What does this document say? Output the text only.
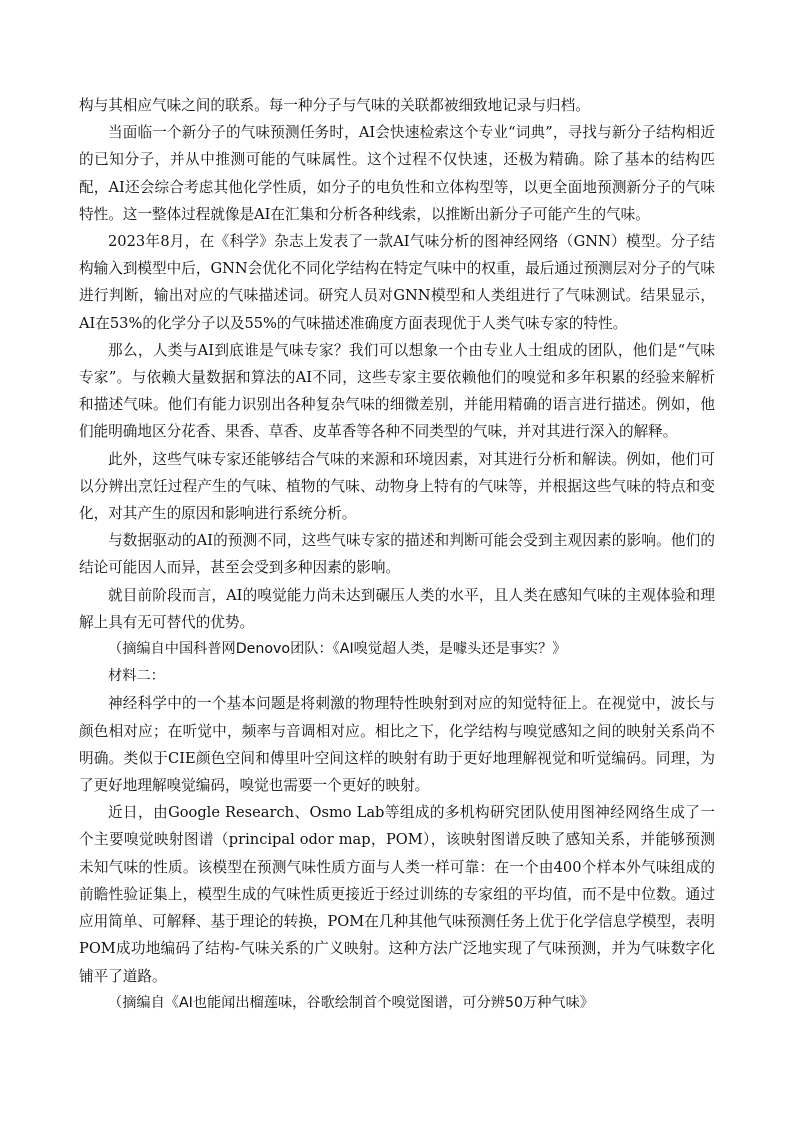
构与其相应气味之间的联系。每一种分子与气味的关联都被细致地记录与归档。

当面临一个新分子的气味预测任务时，AI会快速检索这个专业“词典”，寻找与新分子结构相近的已知分子，并从中推测可能的气味属性。这个过程不仅快速，还极为精确。除了基本的结构匹配，AI还会综合考虑其他化学性质，如分子的电负性和立体构型等，以更全面地预测新分子的气味特性。这一整体过程就像是AI在汇集和分析各种线索，以推断出新分子可能产生的气味。

2023年8月，在《科学》杂志上发表了一款AI气味分析的图神经网络（GNN）模型。分子结构输入到模型中后，GNN会优化不同化学结构在特定气味中的权重，最后通过预测层对分子的气味进行判断，输出对应的气味描述词。研究人员对GNN模型和人类组进行了气味测试。结果显示，AI在53%的化学分子以及55%的气味描述准确度方面表现优于人类气味专家的特性。

那么，人类与AI到底谁是气味专家？我们可以想象一个由专业人士组成的团队，他们是“气味专家”。与依赖大量数据和算法的AI不同，这些专家主要依赖他们的嗅觉和多年积累的经验来解析和描述气味。他们有能力识别出各种复杂气味的细微差别，并能用精确的语言进行描述。例如，他们能明确地区分花香、果香、草香、皮革香等各种不同类型的气味，并对其进行深入的解释。

此外，这些气味专家还能够结合气味的来源和环境因素，对其进行分析和解读。例如，他们可以分辨出烹饪过程产生的气味、植物的气味、动物身上特有的气味等，并根据这些气味的特点和变化，对其产生的原因和影响进行系统分析。

与数据驱动的AI的预测不同，这些气味专家的描述和判断可能会受到主观因素的影响。他们的结论可能因人而异，甚至会受到多种因素的影响。

就目前阶段而言，AI的嗅觉能力尚未达到碾压人类的水平，且人类在感知气味的主观体验和理解上具有无可替代的优势。

（摘编自中国科普网Denovo团队：《AI嗅觉超人类，是噱头还是事实？》

材料二：

神经科学中的一个基本问题是将刺激的物理特性映射到对应的知觉特征上。在视觉中，波长与颜色相对应；在听觉中，频率与音调相对应。相比之下，化学结构与嗅觉感知之间的映射关系尚不明确。类似于CIE颜色空间和傅里叶空间这样的映射有助于更好地理解视觉和听觉编码。同理，为了更好地理解嗅觉编码，嗅觉也需要一个更好的映射。

近日，由Google Research、Osmo Lab等组成的多机构研究团队使用图神经网络生成了一个主要嗅觉映射图谱（principal odor map，POM），该映射图谱反映了感知关系，并能够预测未知气味的性质。该模型在预测气味性质方面与人类一样可靠：在一个由400个样本外气味组成的前瞻性验证集上，模型生成的气味性质更接近于经过训练的专家组的平均值，而不是中位数。通过应用简单、可解释、基于理论的转换，POM在几种其他气味预测任务上优于化学信息学模型，表明POM成功地编码了结构-气味关系的广义映射。这种方法广泛地实现了气味预测，并为气味数字化铺平了道路。

（摘编自《AI也能闻出榴莲味，谷歌绘制首个嗅觉图谱，可分辨50万种气味》
